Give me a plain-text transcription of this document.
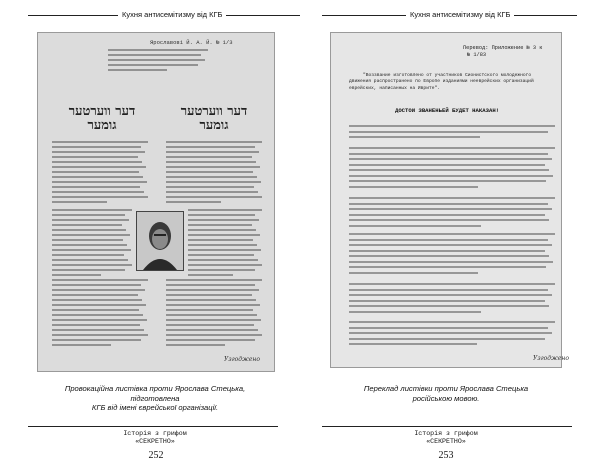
Кухня антисемітизму від КГБ
Ярославові Й. А. Й. № 1/3
דער ווערטער
גומער
דער ווערטער
גומער
Узгоджено
Провокаційна листівка проти Ярослава Стецька, підготовлена
КГБ від імені єврейської організації.
Історія з грифом
«СЕКРЕТНО»
252
Кухня антисемітизму від КГБ
Перевод: Приложение № 3 к
№ 1/83
"Воззвание изготовлено от участников Сионистского молодежного
движения распространено по Европе изданиями нееврейских организаций
еврейских, написанных на Иврите".
ДОСТОИ ЗВАНЕНЬЕЙ БУДЕТ НАКАЗАН!
Узгоджено
Переклад листівки проти Ярослава Стецька
російською мовою.
Історія з грифом
«СЕКРЕТНО»
253
